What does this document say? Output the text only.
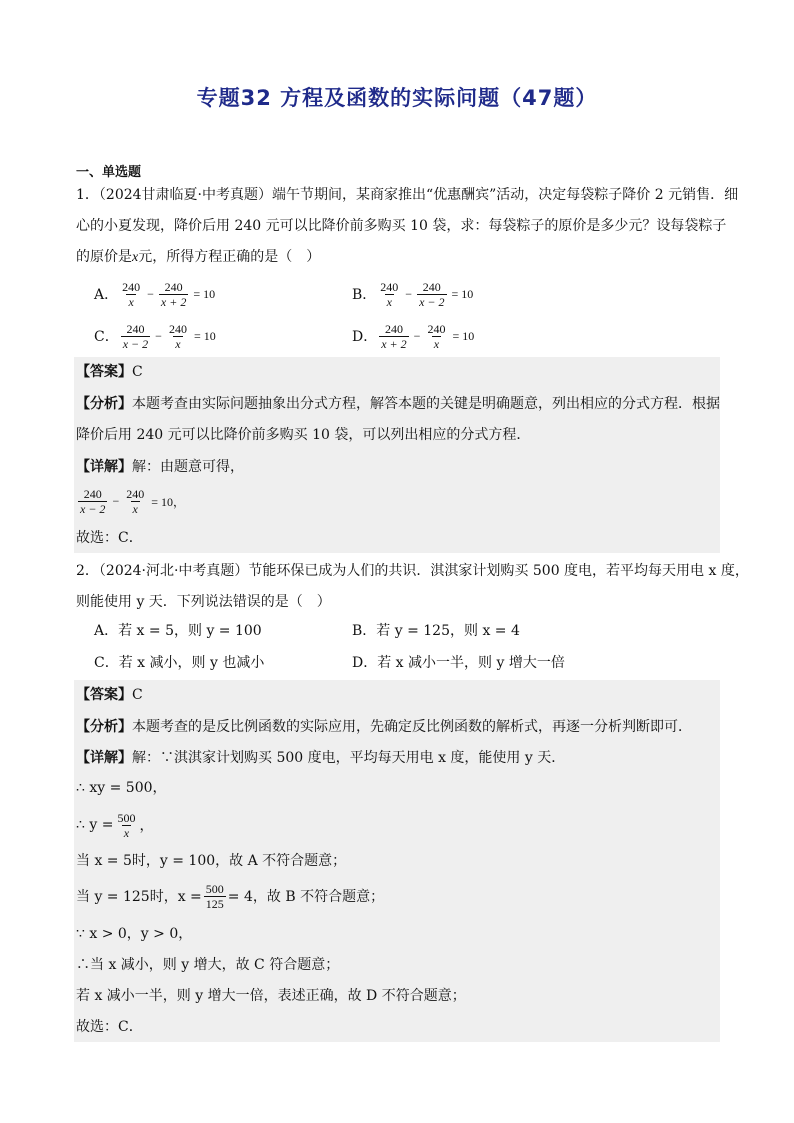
专题32 方程及函数的实际问题（47题）
一、单选题
1．（2024甘肃临夏·中考真题）端午节期间，某商家推出“优惠酬宾”活动，决定每袋粽子降价 2 元销售．细
心的小夏发现，降价后用 240 元可以比降价前多购买 10 袋，求：每袋粽子的原价是多少元？设每袋粽子
的原价是x元，所得方程正确的是（　）
A． $\frac{240}{x} - \frac{240}{x + 2} = 10$	B． $\frac{240}{x} - \frac{240}{x - 2} = 10$
C． $\frac{240}{x - 2} - \frac{240}{x} = 10$	D． $\frac{240}{x + 2} - \frac{240}{x} = 10$
【答案】C
【分析】本题考查由实际问题抽象出分式方程，解答本题的关键是明确题意，列出相应的分式方程．根据
降价后用 240 元可以比降价前多购买 10 袋，可以列出相应的分式方程．
【详解】解：由题意可得，
$\frac{240}{x - 2} - \frac{240}{x} = 10$，
故选：C．
2．（2024·河北·中考真题）节能环保已成为人们的共识．淇淇家计划购买 500 度电，若平均每天用电 x 度，
则能使用 y 天．下列说法错误的是（　）
A．若 x = 5，则 y = 100	B．若 y = 125，则 x = 4
C．若 x 减小，则 y 也减小	D．若 x 减小一半，则 y 增大一倍
【答案】C
【分析】本题考查的是反比例函数的实际应用，先确定反比例函数的解析式，再逐一分析判断即可．
【详解】解：∵淇淇家计划购买 500 度电，平均每天用电 x 度，能使用 y 天．
∴ xy = 500，
∴ $y = \frac{500}{x}$ ，
当 x = 5时，y = 100，故 A 不符合题意；
当 y = 125时，$x = \frac{500}{125} = 4$，故 B 不符合题意；
∵ x > 0，y > 0，
∴当 x 减小，则 y 增大，故 C 符合题意；
若 x 减小一半，则 y 增大一倍，表述正确，故 D 不符合题意；
故选：C．
